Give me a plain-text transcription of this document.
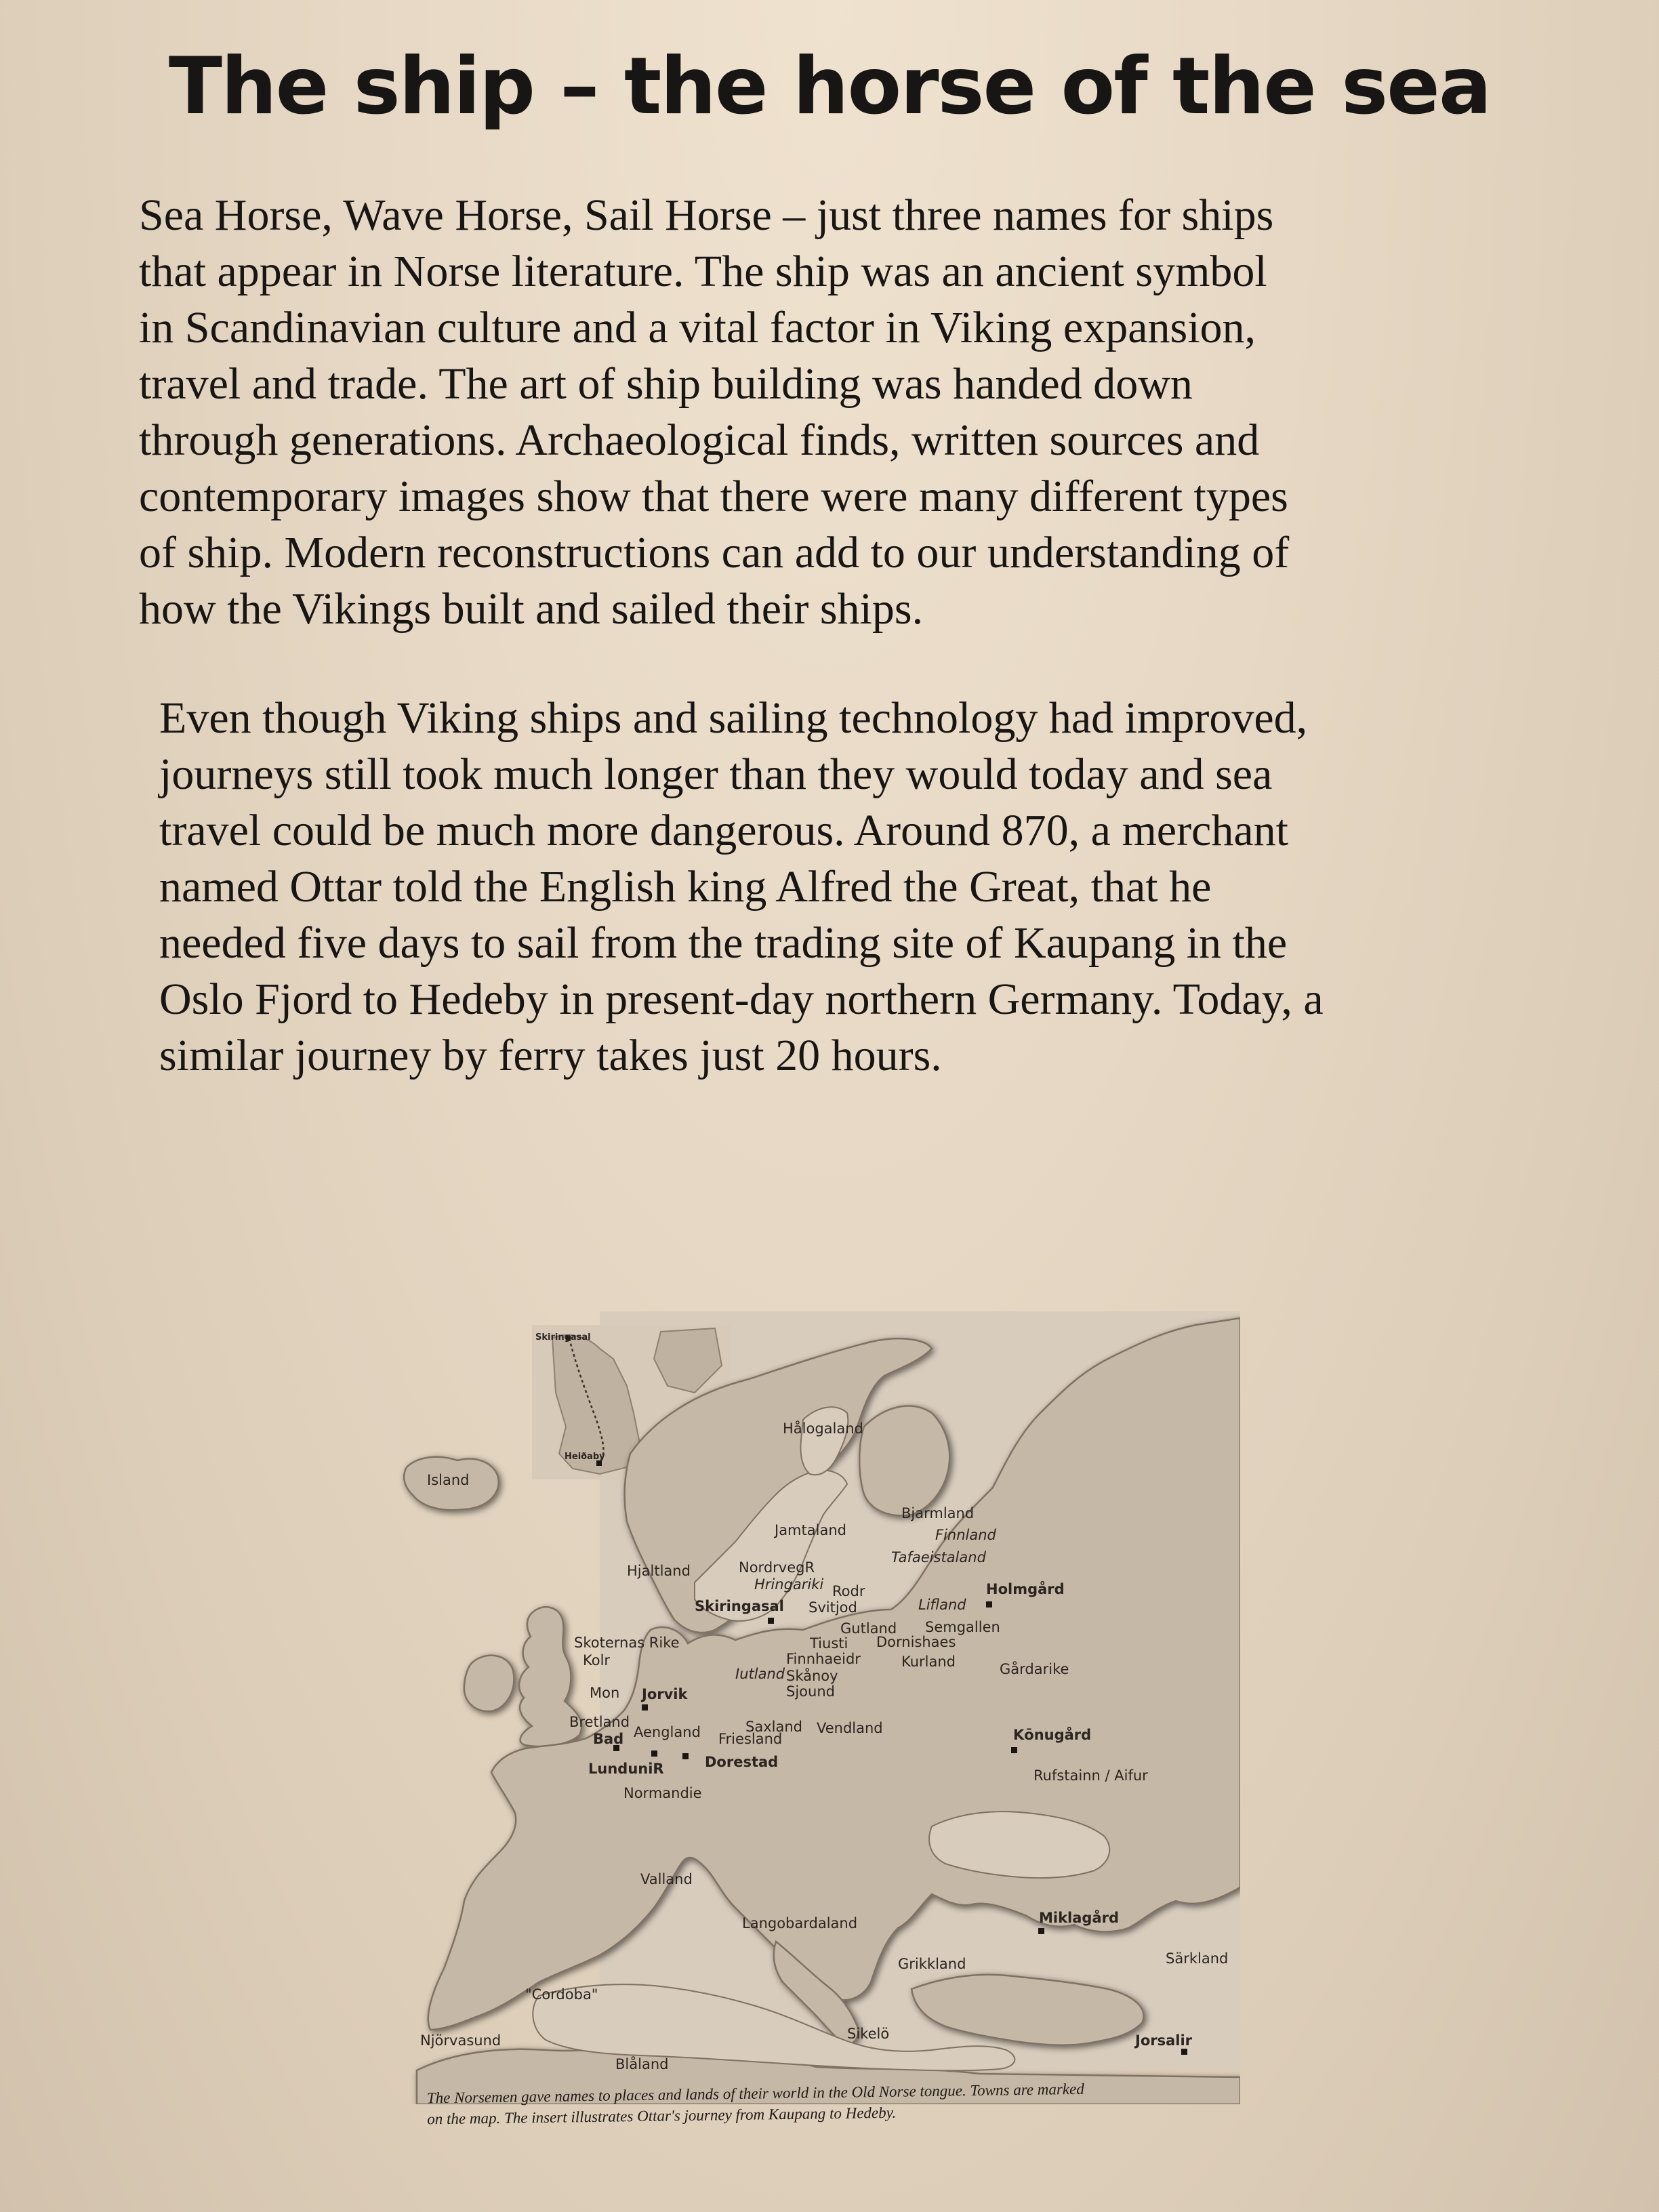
The ship – the horse of the sea
Sea Horse, Wave Horse, Sail Horse – just three names for ships
that appear in Norse literature. The ship was an ancient symbol
in Scandinavian culture and a vital factor in Viking expansion,
travel and trade. The art of ship building was handed down
through generations. Archaeological finds, written sources and
contemporary images show that there were many different types
of ship. Modern reconstructions can add to our understanding of
how the Vikings built and sailed their ships.
Even though Viking ships and sailing technology had improved,
journeys still took much longer than they would today and sea
travel could be much more dangerous. Around 870, a merchant
named Ottar told the English king Alfred the Great, that he
needed five days to sail from the trading site of Kaupang in the
Oslo Fjord to Hedeby in present-day northern Germany. Today, a
similar journey by ferry takes just 20 hours.
Skiringasal
Heiðaby
Hålogaland
Island
Bjarmland
Finnland
Jamtaland
Tafaeistaland
Hjaltland	NordrvegR
Hringariki Rodr	Holmgård
Skiringasal Svitjod	Lifland
Gutland Semgallen
Skoternas Rike	Tiusti Dornishaes
Kolr	Finnhaeidr	Kurland	Gårdarike
Iutland Skånoy
Sjound
Mon Jorvik
Bretland	Saxland Vendland
Bad Aengland Friesland	Kōnugård
LunduniR	Dorestad
Rufstainn / Aifur
Normandie
Valland
Langobardaland	Miklagård
Grikkland	Särkland
"Cordoba"
Njörvasund	Sikelö	Jorsalir
Blåland
The Norsemen gave names to places and lands of their world in the Old Norse tongue. Towns are marked
on the map. The insert illustrates Ottar's journey from Kaupang to Hedeby.
